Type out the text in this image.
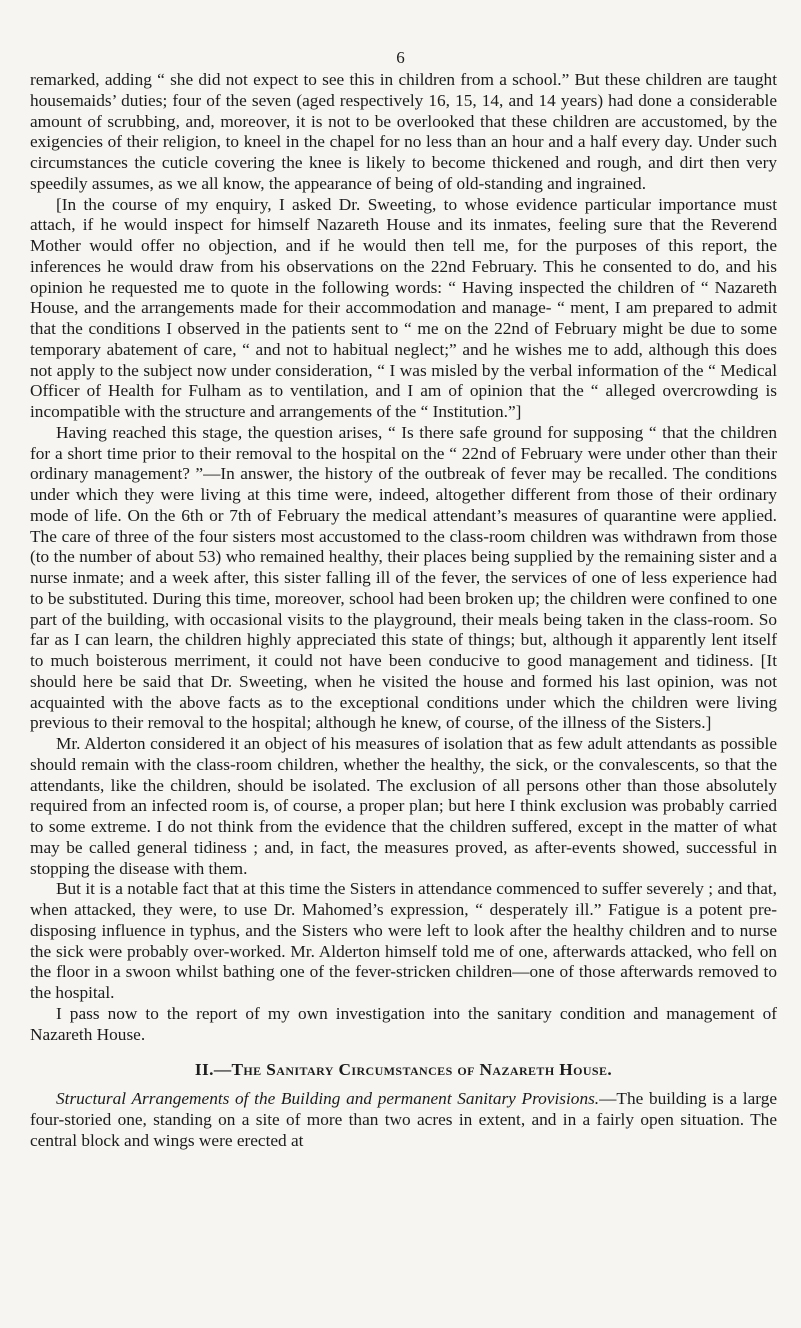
6

remarked, adding “ she did not expect to see this in children from a school.” But these children are taught housemaids’ duties; four of the seven (aged respectively 16, 15, 14, and 14 years) had done a considerable amount of scrubbing, and, moreover, it is not to be overlooked that these children are accustomed, by the exigencies of their religion, to kneel in the chapel for no less than an hour and a half every day. Under such circumstances the cuticle covering the knee is likely to become thickened and rough, and dirt then very speedily assumes, as we all know, the appearance of being of old-standing and ingrained.

[In the course of my enquiry, I asked Dr. Sweeting, to whose evidence particular importance must attach, if he would inspect for himself Nazareth House and its inmates, feeling sure that the Reverend Mother would offer no objection, and if he would then tell me, for the purposes of this report, the inferences he would draw from his observations on the 22nd February. This he consented to do, and his opinion he requested me to quote in the following words: “ Having inspected the children of “ Nazareth House, and the arrangements made for their accommodation and manage- “ ment, I am prepared to admit that the conditions I observed in the patients sent to “ me on the 22nd of February might be due to some temporary abatement of care, “ and not to habitual neglect;” and he wishes me to add, although this does not apply to the subject now under consideration, “ I was misled by the verbal information of the “ Medical Officer of Health for Fulham as to ventilation, and I am of opinion that the “ alleged overcrowding is incompatible with the structure and arrangements of the “ Institution.”]

Having reached this stage, the question arises, “ Is there safe ground for supposing “ that the children for a short time prior to their removal to the hospital on the “ 22nd of February were under other than their ordinary management? ”—In answer, the history of the outbreak of fever may be recalled. The conditions under which they were living at this time were, indeed, altogether different from those of their ordinary mode of life. On the 6th or 7th of February the medical attendant’s measures of quarantine were applied. The care of three of the four sisters most accustomed to the class-room children was withdrawn from those (to the number of about 53) who remained healthy, their places being supplied by the remaining sister and a nurse inmate; and a week after, this sister falling ill of the fever, the services of one of less experience had to be substituted. During this time, moreover, school had been broken up; the children were confined to one part of the building, with occasional visits to the playground, their meals being taken in the class-room. So far as I can learn, the children highly appreciated this state of things; but, although it apparently lent itself to much boisterous merriment, it could not have been conducive to good management and tidiness. [It should here be said that Dr. Sweeting, when he visited the house and formed his last opinion, was not acquainted with the above facts as to the exceptional conditions under which the children were living previous to their removal to the hospital; although he knew, of course, of the illness of the Sisters.]

Mr. Alderton considered it an object of his measures of isolation that as few adult attendants as possible should remain with the class-room children, whether the healthy, the sick, or the convalescents, so that the attendants, like the children, should be isolated. The exclusion of all persons other than those absolutely required from an infected room is, of course, a proper plan; but here I think exclusion was probably carried to some extreme. I do not think from the evidence that the children suffered, except in the matter of what may be called general tidiness ; and, in fact, the measures proved, as after-events showed, successful in stopping the disease with them.

But it is a notable fact that at this time the Sisters in attendance commenced to suffer severely ; and that, when attacked, they were, to use Dr. Mahomed’s expression, “ desperately ill.” Fatigue is a potent pre-disposing influence in typhus, and the Sisters who were left to look after the healthy children and to nurse the sick were probably over-worked. Mr. Alderton himself told me of one, afterwards attacked, who fell on the floor in a swoon whilst bathing one of the fever-stricken children—one of those afterwards removed to the hospital.

I pass now to the report of my own investigation into the sanitary condition and management of Nazareth House.

II.—The Sanitary Circumstances of Nazareth House.

Structural Arrangements of the Building and permanent Sanitary Provisions.—The building is a large four-storied one, standing on a site of more than two acres in extent, and in a fairly open situation. The central block and wings were erected at
